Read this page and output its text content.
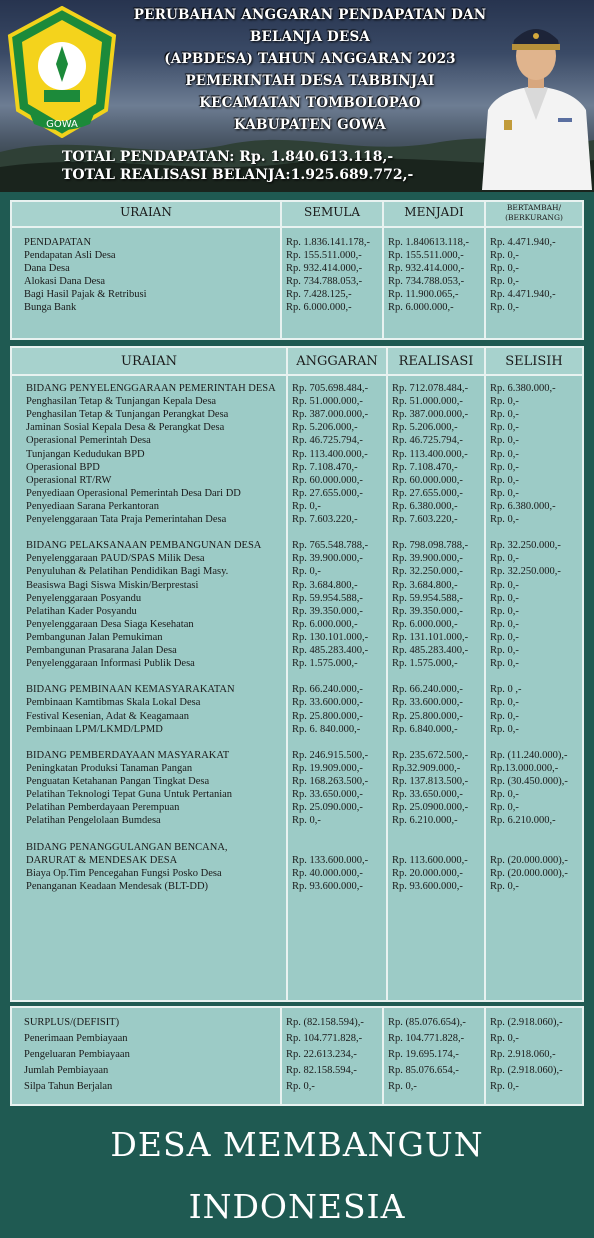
GOWA
PERUBAHAN ANGGARAN PENDAPATAN DAN BELANJA DESA
(APBDESA) TAHUN ANGGARAN 2023
PEMERINTAH DESA TABBINJAI
KECAMATAN TOMBOLOPAO
KABUPATEN GOWA
TOTAL PENDAPATAN: Rp. 1.840.613.118,-
TOTAL REALISASI BELANJA:1.925.689.772,-
URAIAN	SEMULA	MENJADI	BERTAMBAH/ (BERKURANG)
PENDAPATAN	Rp. 1.836.141.178,- Rp. 1.840613.118,- Rp. 4.471.940,-
Pendapatan Asli Desa	Rp. 155.511.000,-	Rp. 155.511.000,-	Rp. 0,-
Dana Desa	Rp. 932.414.000,- Rp. 932.414.000,- Rp. 0,-
Alokasi Dana Desa	Rp. 734.788.053,- Rp. 734.788.053,- Rp. 0,-
Bagi Hasil Pajak & Retribusi	Rp. 7.428.125,-	Rp. 11.900.065,-	Rp. 4.471.940,-
Bunga Bank	Rp. 6.000.000,-	Rp. 6.000.000,-	Rp. 0,-
URAIAN	ANGGARAN	REALISASI	SELISIH
BIDANG PENYELENGGARAAN PEMERINTAH DESA Rp. 705.698.484,- Rp. 712.078.484,- Rp. 6.380.000,-
Penghasilan Tetap & Tunjangan Kepala Desa	Rp. 51.000.000,-	Rp. 51.000.000,-	Rp. 0,-
Penghasilan Tetap & Tunjangan Perangkat Desa	Rp. 387.000.000,- Rp. 387.000.000,- Rp. 0,-
Jaminan Sosial Kepala Desa & Perangkat Desa	Rp. 5.206.000,-	Rp. 5.206.000,-	Rp. 0,-
Operasional Pemerintah Desa	Rp. 46.725.794,-	Rp. 46.725.794,-	Rp. 0,-
Tunjangan Kedudukan BPD	Rp. 113.400.000,- Rp. 113.400.000,- Rp. 0,-
Operasional BPD	Rp. 7.108.470,-	Rp. 7.108.470,-	Rp. 0,-
Operasional RT/RW	Rp. 60.000.000,-	Rp. 60.000.000,-	Rp. 0,-
Penyediaan Operasional Pemerintah Desa Dari DD	Rp. 27.655.000,-	Rp. 27.655.000,-	Rp. 0,-
Penyediaan Sarana Perkantoran	Rp. 0,-	Rp. 6.380.000,-	Rp. 6.380.000,-
Penyelenggaraan Tata Praja Pemerintahan Desa	Rp. 7.603.220,-	Rp. 7.603.220,-	Rp. 0,-
BIDANG PELAKSANAAN PEMBANGUNAN DESA	Rp. 765.548.788,- Rp. 798.098.788,- Rp. 32.250.000,-
Penyelenggaraan PAUD/SPAS Milik Desa	Rp. 39.900.000,-	Rp. 39.900.000,-	Rp. 0,-
Penyuluhan & Pelatihan Pendidikan Bagi Masy.	Rp. 0,-	Rp. 32.250.000,-	Rp. 32.250.000,-
Beasiswa Bagi Siswa Miskin/Berprestasi	Rp. 3.684.800,-	Rp. 3.684.800,-	Rp. 0,-
Penyelenggaraan Posyandu	Rp. 59.954.588,-	Rp. 59.954.588,-	Rp. 0,-
Pelatihan Kader Posyandu	Rp. 39.350.000,-	Rp. 39.350.000,-	Rp. 0,-
Penyelenggaraan Desa Siaga Kesehatan	Rp. 6.000.000,-	Rp. 6.000.000,-	Rp. 0,-
Pembangunan Jalan Pemukiman	Rp. 130.101.000,- Rp. 131.101.000,- Rp. 0,-
Pembangunan Prasarana Jalan Desa	Rp. 485.283.400,- Rp. 485.283.400,- Rp. 0,-
Penyelenggaraan Informasi Publik Desa	Rp. 1.575.000,-	Rp. 1.575.000,-	Rp. 0,-
BIDANG PEMBINAAN KEMASYARAKATAN	Rp. 66.240.000,-	Rp. 66.240.000,-	Rp. 0 ,-
Pembinaan Kamtibmas Skala Lokal Desa	Rp. 33.600.000,-	Rp. 33.600.000,-	Rp. 0,-
Festival Kesenian, Adat & Keagamaan	Rp. 25.800.000,-	Rp. 25.800.000,-	Rp. 0,-
Pembinaan LPM/LKMD/LPMD	Rp. 6. 840.000,-	Rp. 6.840.000,-	Rp. 0,-
BIDANG PEMBERDAYAAN MASYARAKAT	Rp. 246.915.500,- Rp. 235.672.500,- Rp. (11.240.000),-
Peningkatan Produksi Tanaman Pangan	Rp. 19.909.000,-	Rp.32.909.000,-	Rp.13.000.000,-
Penguatan Ketahanan Pangan Tingkat Desa	Rp. 168.263.500,- Rp. 137.813.500,- Rp. (30.450.000),-
Pelatihan Teknologi Tepat Guna Untuk Pertanian	Rp. 33.650.000,-	Rp. 33.650.000,-	Rp. 0,-
Pelatihan Pemberdayaan Perempuan	Rp. 25.090.000,-	Rp. 25.0900.000,- Rp. 0,-
Pelatihan Pengelolaan Bumdesa	Rp. 0,-	Rp. 6.210.000,-	Rp. 6.210.000,-
BIDANG PENANGGULANGAN BENCANA,
DARURAT & MENDESAK DESA	Rp. 133.600.000,- Rp. 113.600.000,- Rp. (20.000.000),-
Biaya Op.Tim Pencegahan Fungsi Posko Desa	Rp. 40.000.000,-	Rp. 20.000.000,-	Rp. (20.000.000),-
Penanganan Keadaan Mendesak (BLT-DD)	Rp. 93.600.000,-	Rp. 93.600.000,-	Rp. 0,-
SURPLUS/(DEFISIT)	Rp. (82.158.594),- Rp. (85.076.654),- Rp. (2.918.060),-
Penerimaan Pembiayaan	Rp. 104.771.828,- Rp. 104.771.828,- Rp. 0,-
Pengeluaran Pembiayaan	Rp. 22.613.234,-	Rp. 19.695.174,-	Rp. 2.918.060,-
Jumlah Pembiayaan	Rp. 82.158.594,-	Rp. 85.076.654,-	Rp. (2.918.060),-
Silpa Tahun Berjalan	Rp. 0,-	Rp. 0,-	Rp. 0,-
DESA MEMBANGUN INDONESIA
